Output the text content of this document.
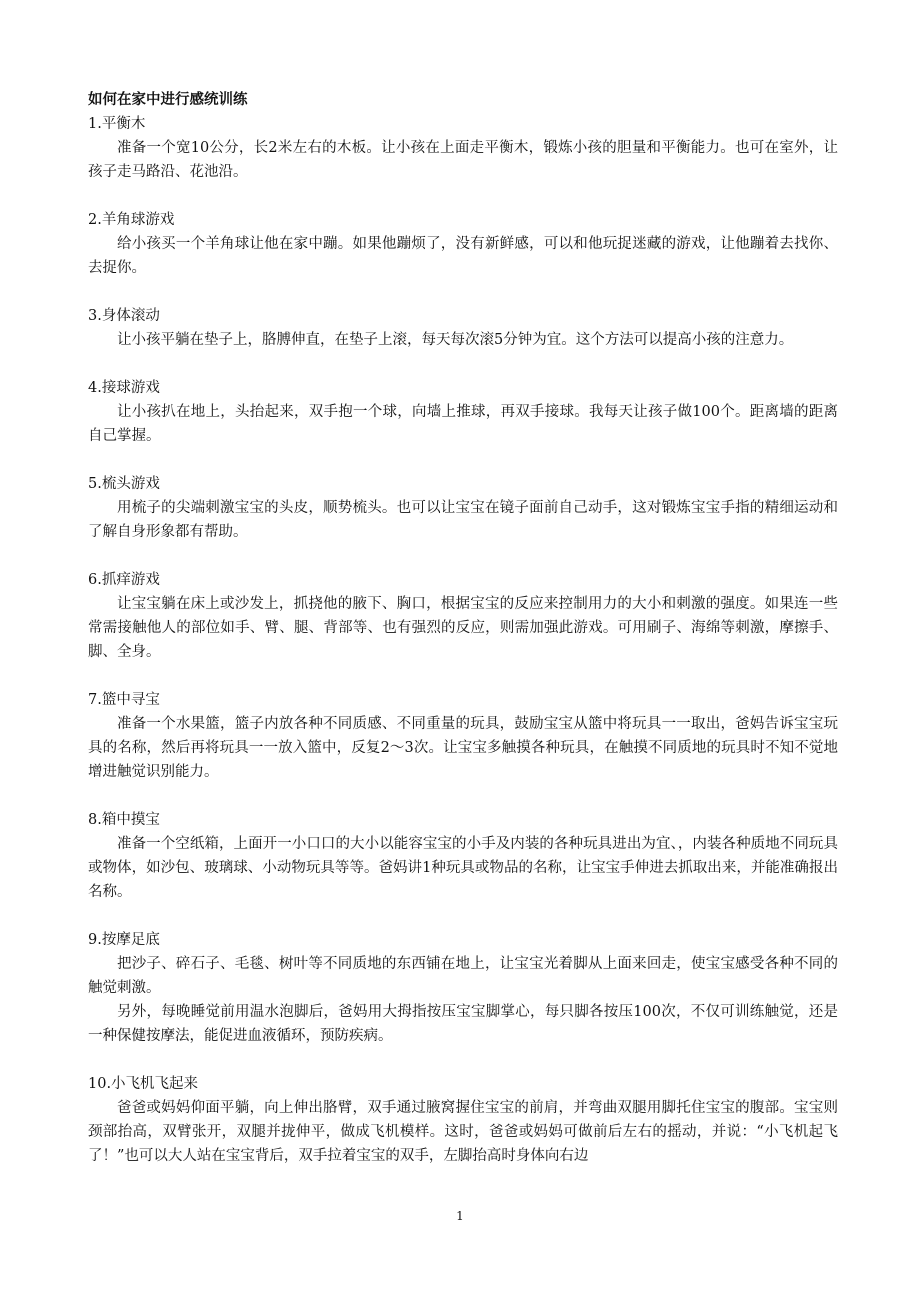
如何在家中进行感统训练

1.平衡木

准备一个宽10公分，长2米左右的木板。让小孩在上面走平衡木，锻炼小孩的胆量和平衡能力。也可在室外，让孩子走马路沿、花池沿。

2.羊角球游戏

给小孩买一个羊角球让他在家中蹦。如果他蹦烦了，没有新鲜感，可以和他玩捉迷藏的游戏，让他蹦着去找你、去捉你。

3.身体滚动

让小孩平躺在垫子上，胳膊伸直，在垫子上滚，每天每次滚5分钟为宜。这个方法可以提高小孩的注意力。

4.接球游戏

让小孩扒在地上，头抬起来，双手抱一个球，向墙上推球，再双手接球。我每天让孩子做100个。距离墙的距离自己掌握。

5.梳头游戏

用梳子的尖端刺激宝宝的头皮，顺势梳头。也可以让宝宝在镜子面前自己动手，这对锻炼宝宝手指的精细运动和了解自身形象都有帮助。

6.抓痒游戏

让宝宝躺在床上或沙发上，抓挠他的腋下、胸口，根据宝宝的反应来控制用力的大小和刺激的强度。如果连一些常需接触他人的部位如手、臂、腿、背部等、也有强烈的反应，则需加强此游戏。可用刷子、海绵等刺激，摩擦手、脚、全身。

7.篮中寻宝

准备一个水果篮，篮子内放各种不同质感、不同重量的玩具，鼓励宝宝从篮中将玩具一一取出，爸妈告诉宝宝玩具的名称，然后再将玩具一一放入篮中，反复2～3次。让宝宝多触摸各种玩具，在触摸不同质地的玩具时不知不觉地增进触觉识别能力。

8.箱中摸宝

准备一个空纸箱，上面开一小口口的大小以能容宝宝的小手及内装的各种玩具进出为宜、，内装各种质地不同玩具或物体，如沙包、玻璃球、小动物玩具等等。爸妈讲1种玩具或物品的名称，让宝宝手伸进去抓取出来，并能准确报出名称。

9.按摩足底

把沙子、碎石子、毛毯、树叶等不同质地的东西铺在地上，让宝宝光着脚从上面来回走，使宝宝感受各种不同的触觉刺激。

另外，每晚睡觉前用温水泡脚后，爸妈用大拇指按压宝宝脚掌心，每只脚各按压100次，不仅可训练触觉，还是一种保健按摩法，能促进血液循环，预防疾病。

10.小飞机飞起来

爸爸或妈妈仰面平躺，向上伸出胳臂，双手通过腋窝握住宝宝的前肩，并弯曲双腿用脚托住宝宝的腹部。宝宝则颈部抬高，双臂张开，双腿并拢伸平，做成飞机模样。这时，爸爸或妈妈可做前后左右的摇动，并说：“小飞机起飞了！”也可以大人站在宝宝背后，双手拉着宝宝的双手，左脚抬高时身体向右边

1
